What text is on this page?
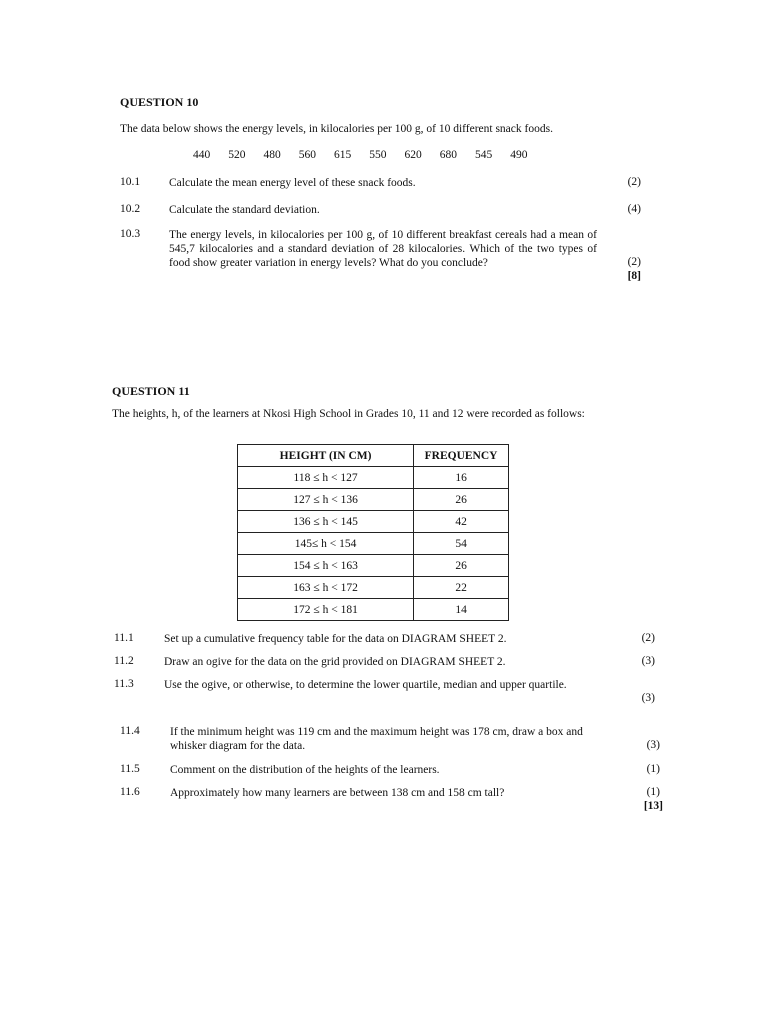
QUESTION 10
The data below shows the energy levels, in kilocalories per 100 g, of 10 different snack foods.
440 520 480 560 615 550 620 680 545 490
10.1	Calculate the mean energy level of these snack foods.	(2)
10.2	Calculate the standard deviation.	(4)
10.3	The energy levels, in kilocalories per 100 g, of 10 different breakfast cereals had a mean of 545,7 kilocalories and a standard deviation of 28 kilocalories. Which of the two types of food show greater variation in energy levels? What do you conclude?	(2)
[8]
QUESTION 11
The heights, h, of the learners at Nkosi High School in Grades 10, 11 and 12 were recorded as follows:
HEIGHT (IN CM)	FREQUENCY
118 ≤ h < 127	16
127 ≤ h < 136	26
136 ≤ h < 145	42
145≤ h < 154	54
154 ≤ h < 163	26
163 ≤ h < 172	22
172 ≤ h < 181	14
11.1	Set up a cumulative frequency table for the data on DIAGRAM SHEET 2.	(2)
11.2	Draw an ogive for the data on the grid provided on DIAGRAM SHEET 2.	(3)
11.3	Use the ogive, or otherwise, to determine the lower quartile, median and upper quartile.
(3)
11.4	If the minimum height was 119 cm and the maximum height was 178 cm, draw a box and whisker diagram for the data.	(3)
11.5	Comment on the distribution of the heights of the learners.	(1)
11.6	Approximately how many learners are between 138 cm and 158 cm tall?	(1)
[13]
